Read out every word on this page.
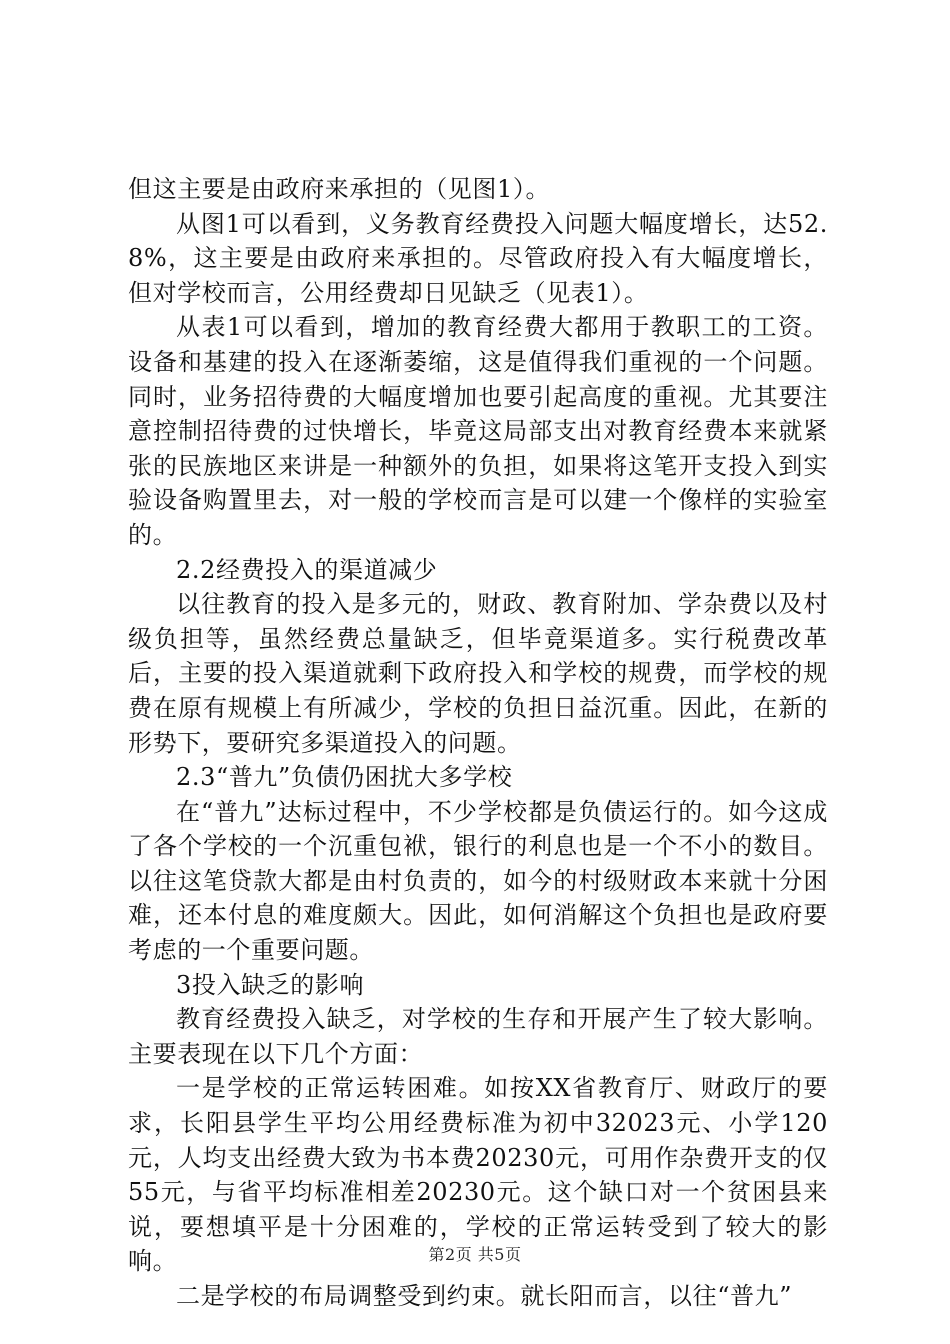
但这主要是由政府来承担的（见图1）。

从图1可以看到，义务教育经费投入问题大幅度增长，达52.8%，这主要是由政府来承担的。尽管政府投入有大幅度增长，但对学校而言，公用经费却日见缺乏（见表1）。

从表1可以看到，增加的教育经费大都用于教职工的工资。设备和基建的投入在逐渐萎缩，这是值得我们重视的一个问题。同时，业务招待费的大幅度增加也要引起高度的重视。尤其要注意控制招待费的过快增长，毕竟这局部支出对教育经费本来就紧张的民族地区来讲是一种额外的负担，如果将这笔开支投入到实验设备购置里去，对一般的学校而言是可以建一个像样的实验室的。

2.2经费投入的渠道减少

以往教育的投入是多元的，财政、教育附加、学杂费以及村级负担等，虽然经费总量缺乏，但毕竟渠道多。实行税费改革后，主要的投入渠道就剩下政府投入和学校的规费，而学校的规费在原有规模上有所减少，学校的负担日益沉重。因此，在新的形势下，要研究多渠道投入的问题。

2.3“普九”负债仍困扰大多学校

在“普九”达标过程中，不少学校都是负债运行的。如今这成了各个学校的一个沉重包袱，银行的利息也是一个不小的数目。以往这笔贷款大都是由村负责的，如今的村级财政本来就十分困难，还本付息的难度颇大。因此，如何消解这个负担也是政府要考虑的一个重要问题。

3投入缺乏的影响

教育经费投入缺乏，对学校的生存和开展产生了较大影响。主要表现在以下几个方面：

一是学校的正常运转困难。如按XX省教育厅、财政厅的要求，长阳县学生平均公用经费标准为初中32023元、小学120元，人均支出经费大致为书本费20230元，可用作杂费开支的仅55元，与省平均标准相差20230元。这个缺口对一个贫困县来说，要想填平是十分困难的，学校的正常运转受到了较大的影响。

二是学校的布局调整受到约束。就长阳而言，以往“普九”

第2页 共5页
